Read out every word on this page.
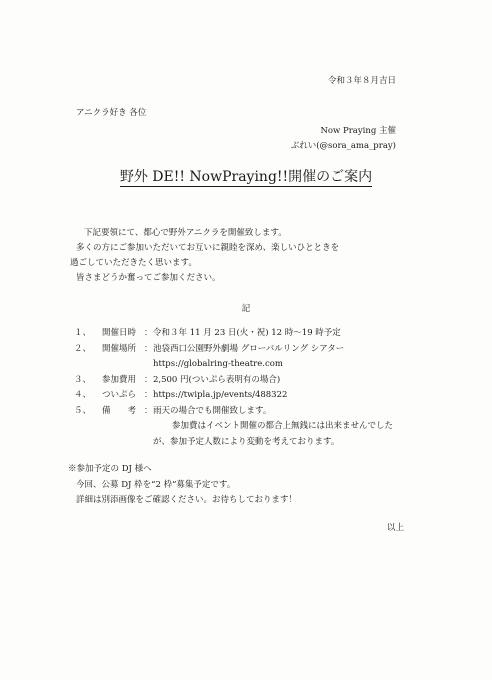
令和３年８月吉日
アニクラ好き 各位
Now Praying 主催
ぶれい(@sora_ama_pray)
野外 DE!! NowPraying!!開催のご案内
下記要領にて、都心で野外アニクラを開催致します。
多くの方にご参加いただいてお互いに親睦を深め、楽しいひとときを
過ごしていただきたく思います。
皆さまどうか奮ってご参加ください。
記
１、	開催日時 ： 令和３年 11 月 23 日(火・祝) 12 時～19 時予定
２、	開催場所 ： 池袋西口公園野外劇場 グローバルリング シアター
https://globalring-theatre.com
３、	参加費用 ： 2,500 円(ついぷら表明有の場合)
４、	ついぷら ： https://twipla.jp/events/488322
５、	備　　考 ： 雨天の場合でも開催致します。
参加費はイベント開催の都合上無銭には出来ませんでした
が、参加予定人数により変動を考えております。
※参加予定の DJ 様へ
今回、公募 DJ 枠を“2 枠”募集予定です。
詳細は別添画像をご確認ください。お待ちしております！
以上
